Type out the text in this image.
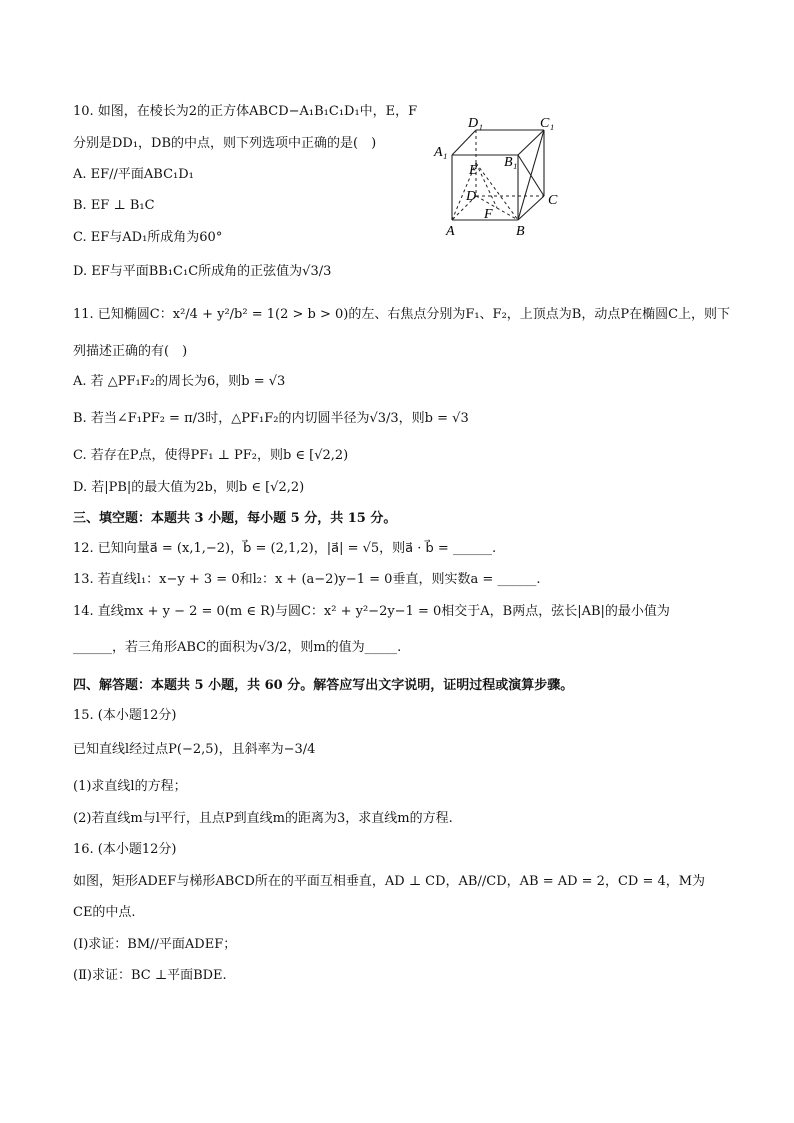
10. 如图，在棱长为2的正方体ABCD−A₁B₁C₁D₁中，E，F
分别是DD₁，DB的中点，则下列选项中正确的是(　)
A. EF//平面ABC₁D₁
B. EF ⊥ B₁C
C. EF与AD₁所成角为60°
D. EF与平面BB₁C₁C所成角的正弦值为√3/3
D₁	C₁
A₁
B₁
E
D	C
F
A	B
11. 已知椭圆C：x²/4 + y²/b² = 1(2 > b > 0)的左、右焦点分别为F₁、F₂，上顶点为B，动点P在椭圆C上，则下
列描述正确的有(　)
A. 若 △PF₁F₂的周长为6，则b = √3
B. 若当∠F₁PF₂ = π/3时，△PF₁F₂的内切圆半径为√3/3，则b = √3
C. 若存在P点，使得PF₁ ⊥ PF₂，则b ∈ [√2,2)
D. 若|PB|的最大值为2b，则b ∈ [√2,2)
三、填空题：本题共 3 小题，每小题 5 分，共 15 分。
12. 已知向量a⃗ = (x,1,−2)，b⃗ = (2,1,2)，|a⃗| = √5，则a⃗ · b⃗ = ______.
13. 若直线l₁：x−y + 3 = 0和l₂：x + (a−2)y−1 = 0垂直，则实数a = ______.
14. 直线mx + y − 2 = 0(m ∈ R)与圆C：x² + y²−2y−1 = 0相交于A，B两点，弦长|AB|的最小值为
______，若三角形ABC的面积为√3/2，则m的值为_____.
四、解答题：本题共 5 小题，共 60 分。解答应写出文字说明，证明过程或演算步骤。
15. (本小题12分)
已知直线l经过点P(−2,5)，且斜率为−3/4
(1)求直线l的方程；
(2)若直线m与l平行，且点P到直线m的距离为3，求直线m的方程.
16. (本小题12分)
如图，矩形ADEF与梯形ABCD所在的平面互相垂直，AD ⊥ CD，AB//CD，AB = AD = 2，CD = 4，M为
CE的中点.
(Ⅰ)求证：BM//平面ADEF；
(Ⅱ)求证：BC ⊥平面BDE.
